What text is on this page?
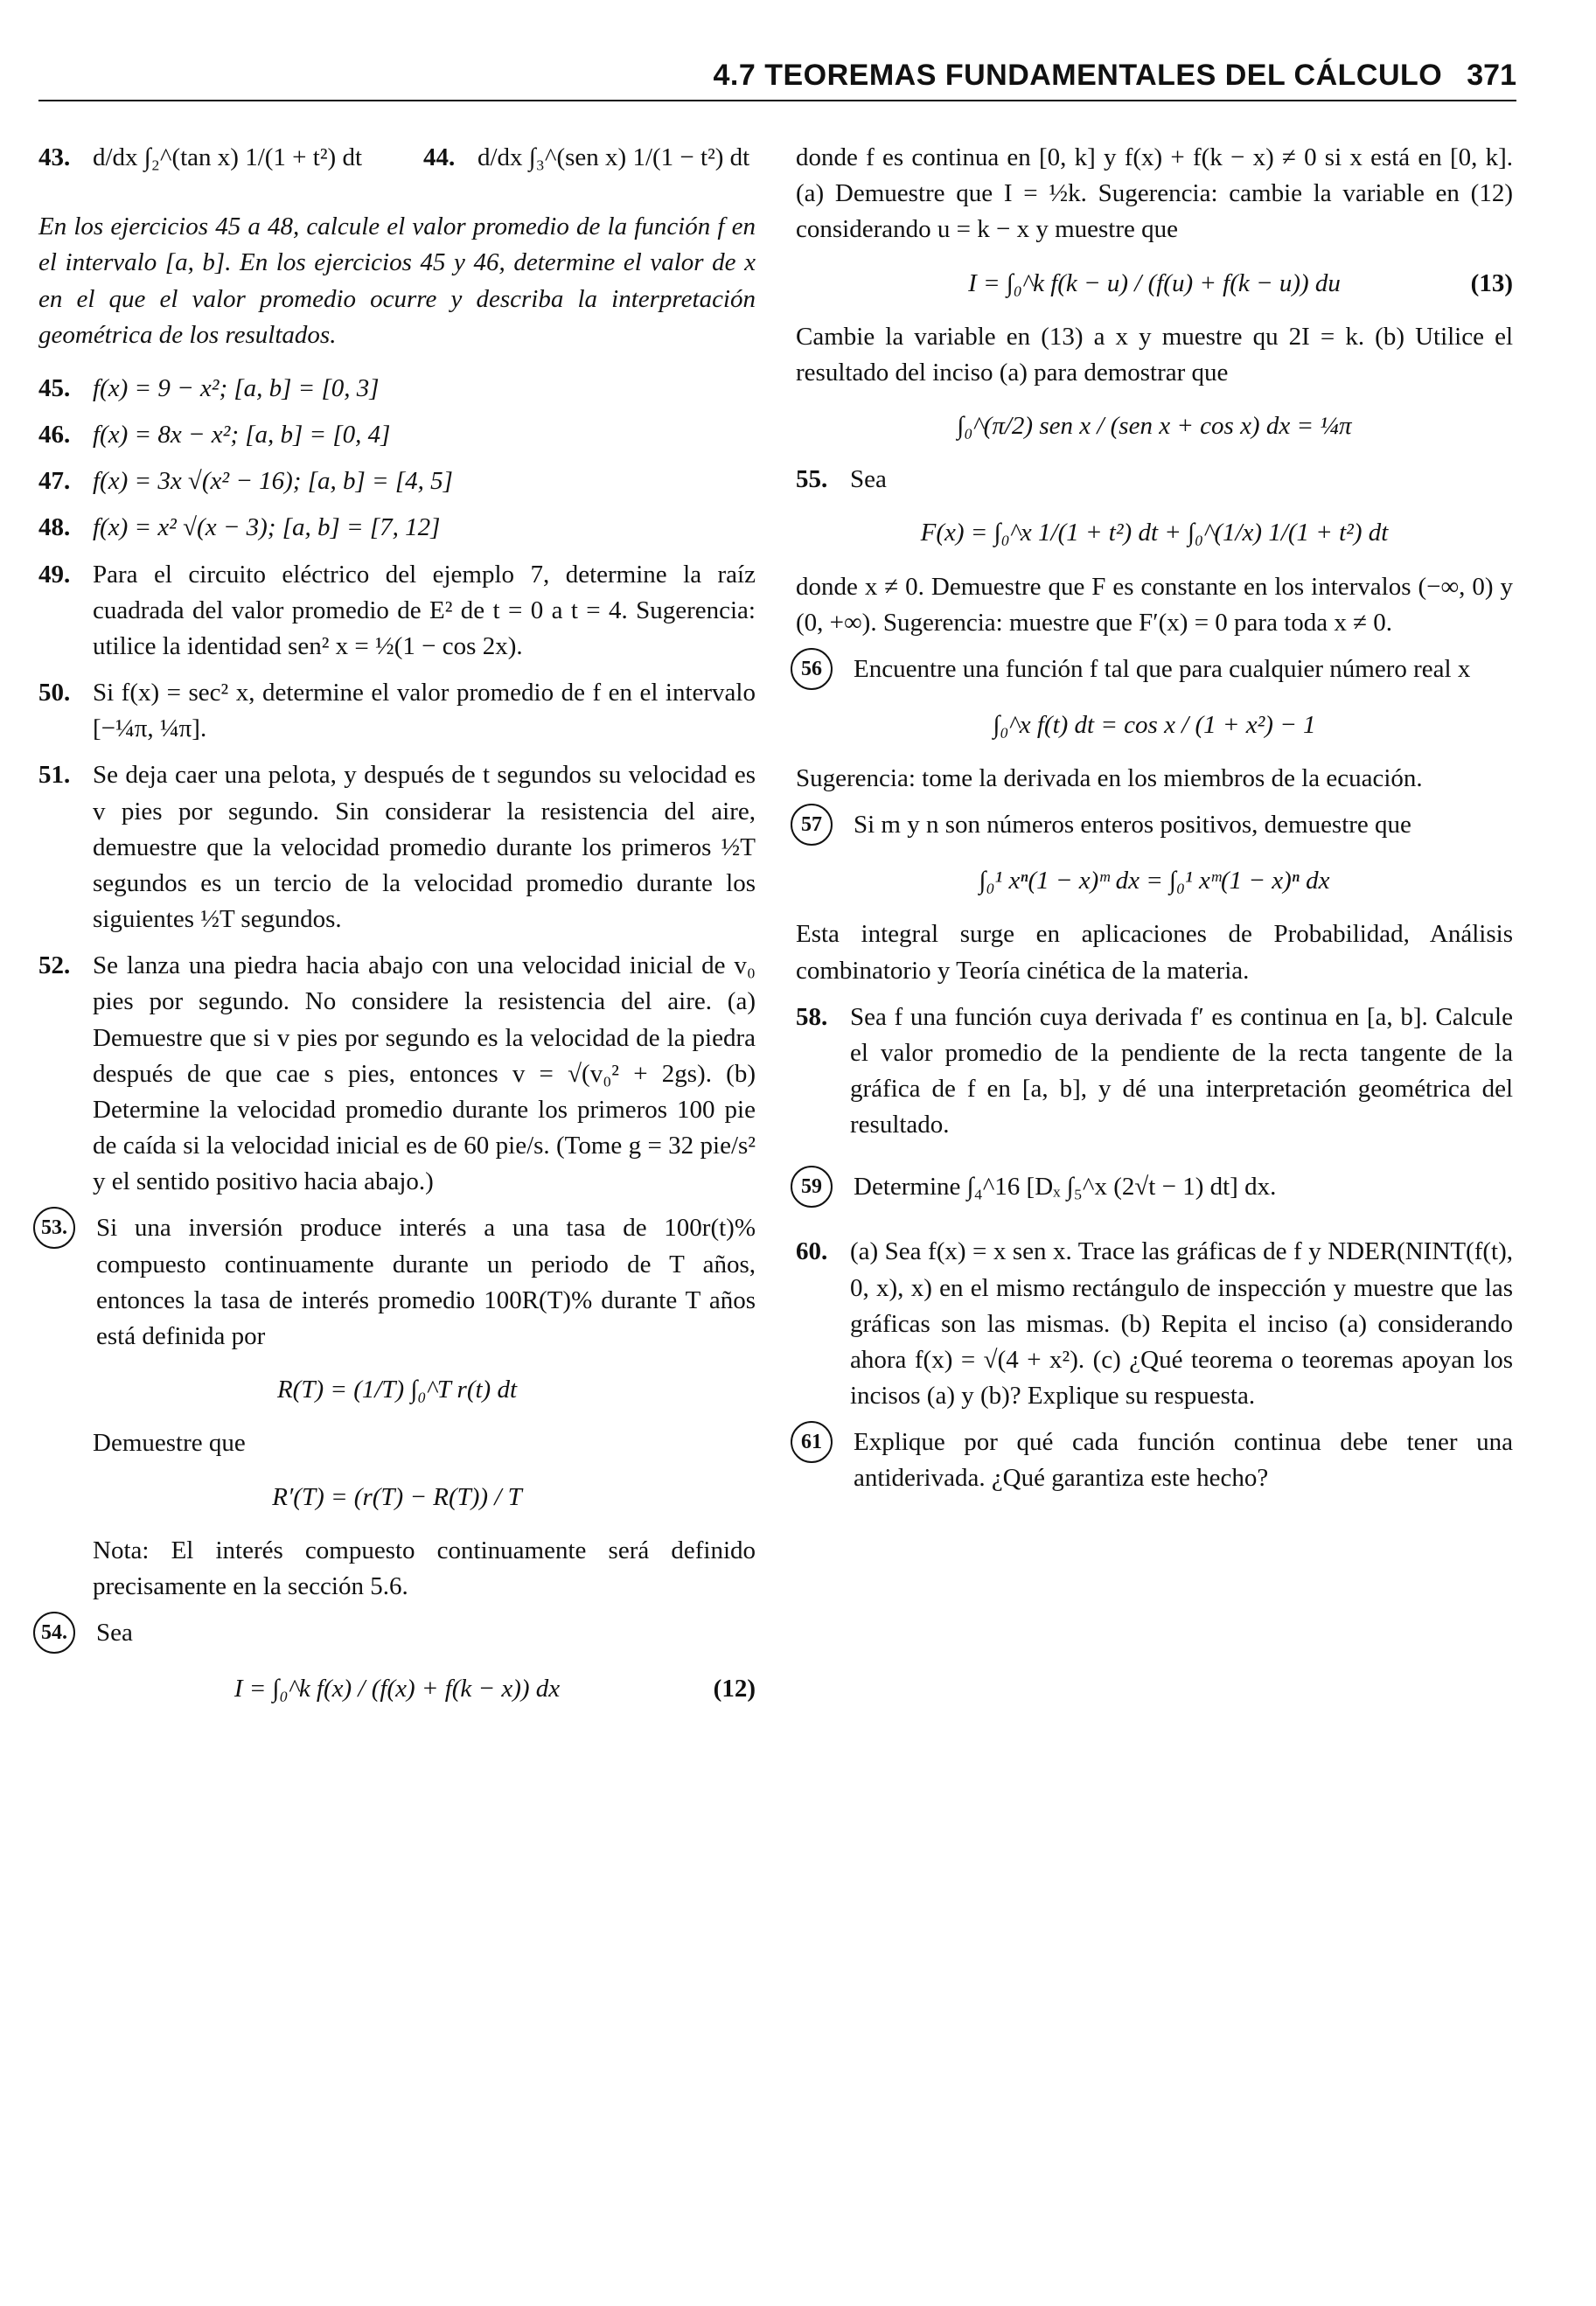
4.7 TEOREMAS FUNDAMENTALES DEL CÁLCULO 371
43. d/dx ∫₂^(tan x) 1/(1 + t²) dt 44. d/dx ∫₃^(sen x) 1/(1 − t²) dt

En los ejercicios 45 a 48, calcule el valor promedio de la función f en el intervalo [a, b]. En los ejercicios 45 y 46, determine el valor de x en el que el valor promedio ocurre y describa la interpretación geométrica de los resultados.

45. f(x) = 9 − x²; [a, b] = [0, 3]
46. f(x) = 8x − x²; [a, b] = [0, 4]
47. f(x) = 3x √(x² − 16); [a, b] = [4, 5]
48. f(x) = x² √(x − 3); [a, b] = [7, 12]
49. Para el circuito eléctrico del ejemplo 7, determine la raíz cuadrada del valor promedio de E² de t = 0 a t = 4. Sugerencia: utilice la identidad sen² x = ½(1 − cos 2x).
50. Si f(x) = sec² x, determine el valor promedio de f en el intervalo [−¼π, ¼π].
51. Se deja caer una pelota, y después de t segundos su velocidad es v pies por segundo. Sin considerar la resistencia del aire, demuestre que la velocidad promedio durante los primeros ½T segundos es un tercio de la velocidad promedio durante los siguientes ½T segundos.
52. Se lanza una piedra hacia abajo con una velocidad inicial de v₀ pies por segundo. No considere la resistencia del aire. (a) Demuestre que si v pies por segundo es la velocidad de la piedra después de que cae s pies, entonces v = √(v₀² + 2gs). (b) Determine la velocidad promedio durante los primeros 100 pie de caída si la velocidad inicial es de 60 pie/s. (Tome g = 32 pie/s² y el sentido positivo hacia abajo.)
53.	Si una inversión produce interés a una tasa de 100r(t)% compuesto continuamente durante un periodo de T años, entonces la tasa de interés promedio 100R(T)% durante T años está definida por
R(T) = (1/T) ∫₀^T r(t) dt

Demuestre que

R′(T) = (r(T) − R(T)) / T

Nota: El interés compuesto continuamente será definido precisamente en la sección 5.6.

54.	Sea
I = ∫₀^k f(x) / (f(x) + f(k − x)) dx	(12)

donde f es continua en [0, k] y f(x) + f(k − x) ≠ 0 si x está en [0, k]. (a) Demuestre que I = ½k. Sugerencia: cambie la variable en (12) considerando u = k − x y muestre que

I = ∫₀^k f(k − u) / (f(u) + f(k − u)) du	(13)

Cambie la variable en (13) a x y muestre qu 2I = k. (b) Utilice el resultado del inciso (a) para demostrar que

∫₀^(π/2) sen x / (sen x + cos x) dx = ¼π
55. Sea
F(x) = ∫₀^x 1/(1 + t²) dt + ∫₀^(1/x) 1/(1 + t²) dt

donde x ≠ 0. Demuestre que F es constante en los intervalos (−∞, 0) y (0, +∞). Sugerencia: muestre que F′(x) = 0 para toda x ≠ 0.

56	Encuentre una función f tal que para cualquier número real x
∫₀^x f(t) dt = cos x / (1 + x²) − 1

Sugerencia: tome la derivada en los miembros de la ecuación.

57	Si m y n son números enteros positivos, demuestre que
∫₀¹ xⁿ(1 − x)ᵐ dx = ∫₀¹ xᵐ(1 − x)ⁿ dx

Esta integral surge en aplicaciones de Probabilidad, Análisis combinatorio y Teoría cinética de la materia.

58. Sea f una función cuya derivada f′ es continua en [a, b]. Calcule el valor promedio de la pendiente de la recta tangente de la gráfica de f en [a, b], y dé una interpretación geométrica del resultado.
59	Determine ∫₄^16 [Dₓ ∫₅^x (2√t − 1) dt] dx.
60. (a) Sea f(x) = x sen x. Trace las gráficas de f y NDER(NINT(f(t), 0, x), x) en el mismo rectángulo de inspección y muestre que las gráficas son las mismas. (b) Repita el inciso (a) considerando ahora f(x) = √(4 + x²). (c) ¿Qué teorema o teoremas apoyan los incisos (a) y (b)? Explique su respuesta.
61	Explique por qué cada función continua debe tener una antiderivada. ¿Qué garantiza este hecho?
